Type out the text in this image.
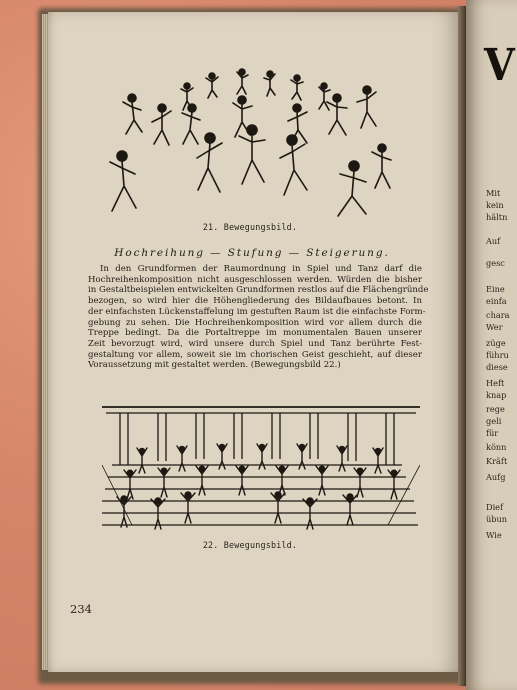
21. Bewegungsbild.
Hochreihung — Stufung — Steigerung.
In den Grundformen der Raumordnung in Spiel und Tanz darf die
Hochreihenkomposition nicht ausgeschlossen werden. Würden die bisher
in Gestaltbeispielen entwickelten Grundformen restlos auf die Flächengründe
bezogen, so wird hier die Höhengliederung des Bildaufbaues betont. In
der einfachsten Lückenstaffelung im gestuften Raum ist die einfachste Form-
gebung zu sehen. Die Hochreihenkomposition wird vor allem durch die
Treppe bedingt. Da die Portaltreppe im monumentalen Bauen unserer
Zeit bevorzugt wird, wird unsere durch Spiel und Tanz berührte Fest-
gestaltung vor allem, soweit sie im chorischen Geist geschieht, auf dieser
Voraussetzung mit gestaltet werden. (Bewegungsbild 22.)
22. Bewegungsbild.
234
V
Mit
kein
hältn
Auf
gesc
Eine
einfa
chara
Wer
züge
führu
diese
Heft
knap
rege
geli
für
könn
Kräft
Aufg
Dief
übun
Wie
